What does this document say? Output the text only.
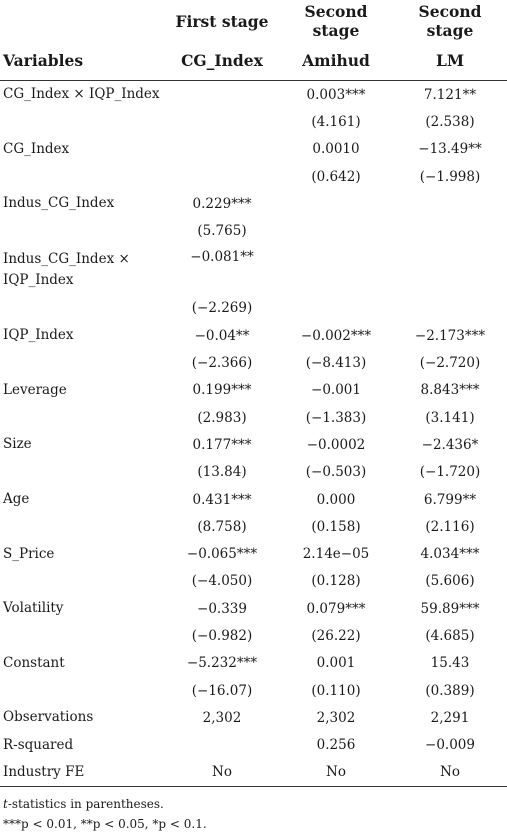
	First stage	Second stage	Second stage
Variables	CG_Index	Amihud	LM
CG_Index × IQP_Index		0.003***	7.121**
		(4.161)	(2.538)
CG_Index		0.0010	−13.49**
		(0.642)	(−1.998)
Indus_CG_Index	0.229***		
	(5.765)		
Indus_CG_Index × IQP_Index	−0.081**		
	(−2.269)		
IQP_Index	−0.04**	−0.002***	−2.173***
	(−2.366)	(−8.413)	(−2.720)
Leverage	0.199***	−0.001	8.843***
	(2.983)	(−1.383)	(3.141)
Size	0.177***	−0.0002	−2.436*
	(13.84)	(−0.503)	(−1.720)
Age	0.431***	0.000	6.799**
	(8.758)	(0.158)	(2.116)
S_Price	−0.065***	2.14e−05	4.034***
	(−4.050)	(0.128)	(5.606)
Volatility	−0.339	0.079***	59.89***
	(−0.982)	(26.22)	(4.685)
Constant	−5.232***	0.001	15.43
	(−16.07)	(0.110)	(0.389)
Observations	2,302	2,302	2,291
R-squared		0.256	−0.009
Industry FE	No	No	No
t-statistics in parentheses.
***p < 0.01, **p < 0.05, *p < 0.1.
